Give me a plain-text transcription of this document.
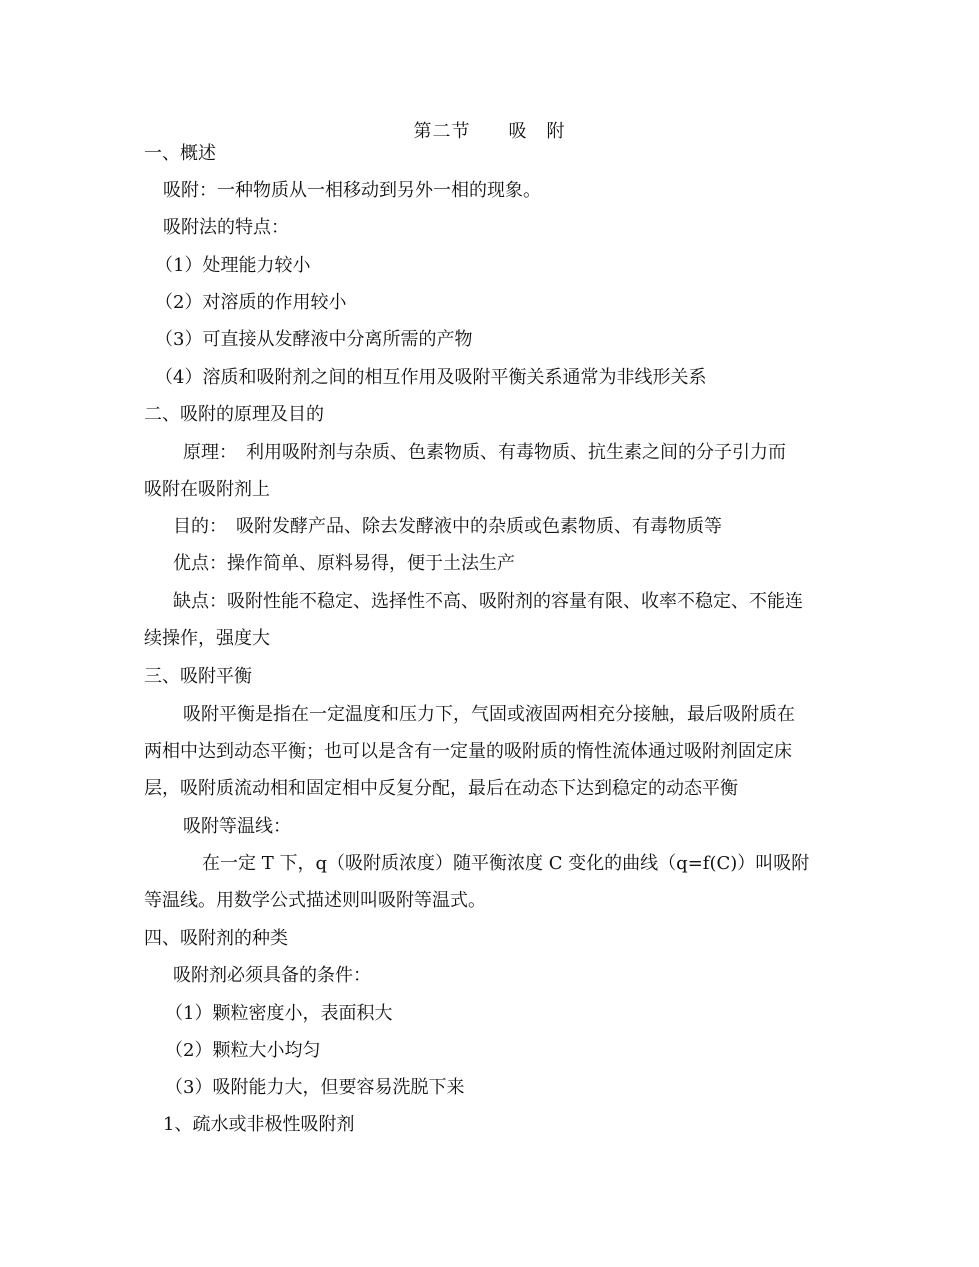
第二节　　吸　附
一、概述
吸附：一种物质从一相移动到另外一相的现象。
吸附法的特点：
（1）处理能力较小
（2）对溶质的作用较小
（3）可直接从发酵液中分离所需的产物
（4）溶质和吸附剂之间的相互作用及吸附平衡关系通常为非线形关系
二、吸附的原理及目的
原理：　利用吸附剂与杂质、色素物质、有毒物质、抗生素之间的分子引力而
吸附在吸附剂上
目的：　吸附发酵产品、除去发酵液中的杂质或色素物质、有毒物质等
优点：操作简单、原料易得，便于土法生产
缺点：吸附性能不稳定、选择性不高、吸附剂的容量有限、收率不稳定、不能连
续操作，强度大
三、吸附平衡
吸附平衡是指在一定温度和压力下，气固或液固两相充分接触，最后吸附质在
两相中达到动态平衡；也可以是含有一定量的吸附质的惰性流体通过吸附剂固定床
层，吸附质流动相和固定相中反复分配，最后在动态下达到稳定的动态平衡
吸附等温线：
在一定 T 下，q（吸附质浓度）随平衡浓度 C 变化的曲线（q=f(C)）叫吸附
等温线。用数学公式描述则叫吸附等温式。
四、吸附剂的种类
吸附剂必须具备的条件：
（1）颗粒密度小，表面积大
（2）颗粒大小均匀
（3）吸附能力大，但要容易洗脱下来
1、疏水或非极性吸附剂
